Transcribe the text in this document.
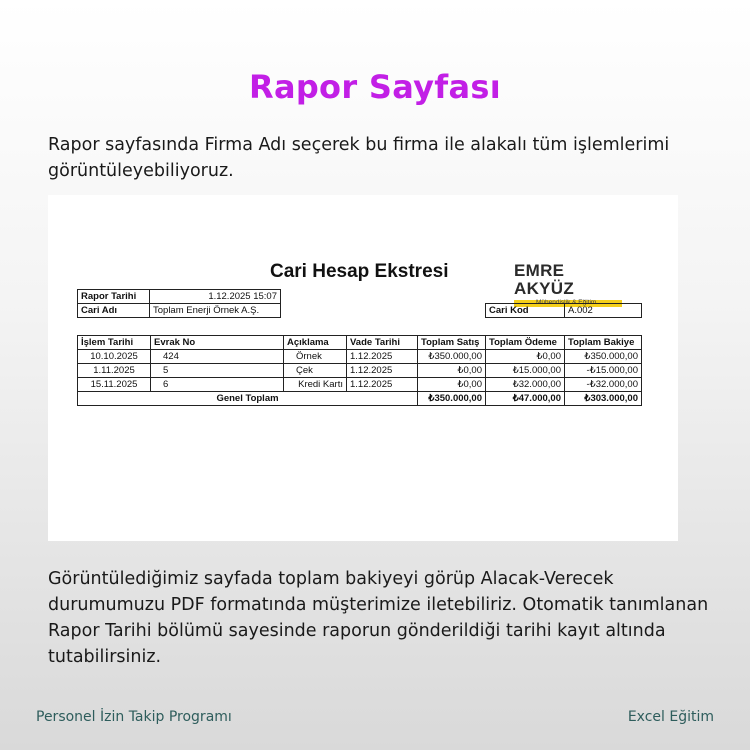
Rapor Sayfası
Rapor sayfasında Firma Adı seçerek bu firma ile alakalı tüm işlemlerimi görüntüleyebiliyoruz.
Cari Hesap Ekstresi	EMRE AKYÜZ
Mühendislik & Eğitim
Rapor Tarihi	1.12.2025 15:07
Cari Adı	Toplam Enerji Örnek A.Ş.	Cari Kod	A.002
İşlem Tarihi	Evrak No	Açıklama	Vade Tarihi	Toplam Satış	Toplam Ödeme	Toplam Bakiye
10.10.2025	424	Örnek	1.12.2025	₺350.000,00	₺0,00	₺350.000,00
1.11.2025	5	Çek	1.12.2025	₺0,00	₺15.000,00	-₺15.000,00
15.11.2025	6	Kredi Kartı	1.12.2025	₺0,00	₺32.000,00	-₺32.000,00
Genel Toplam				₺350.000,00	₺47.000,00	₺303.000,00
Görüntülediğimiz sayfada toplam bakiyeyi görüp Alacak-Verecek durumumuzu PDF formatında müşterimize iletebiliriz. Otomatik tanımlanan Rapor Tarihi bölümü sayesinde raporun gönderildiği tarihi kayıt altında tutabilirsiniz.
Personel İzin Takip Programı	Excel Eğitim
